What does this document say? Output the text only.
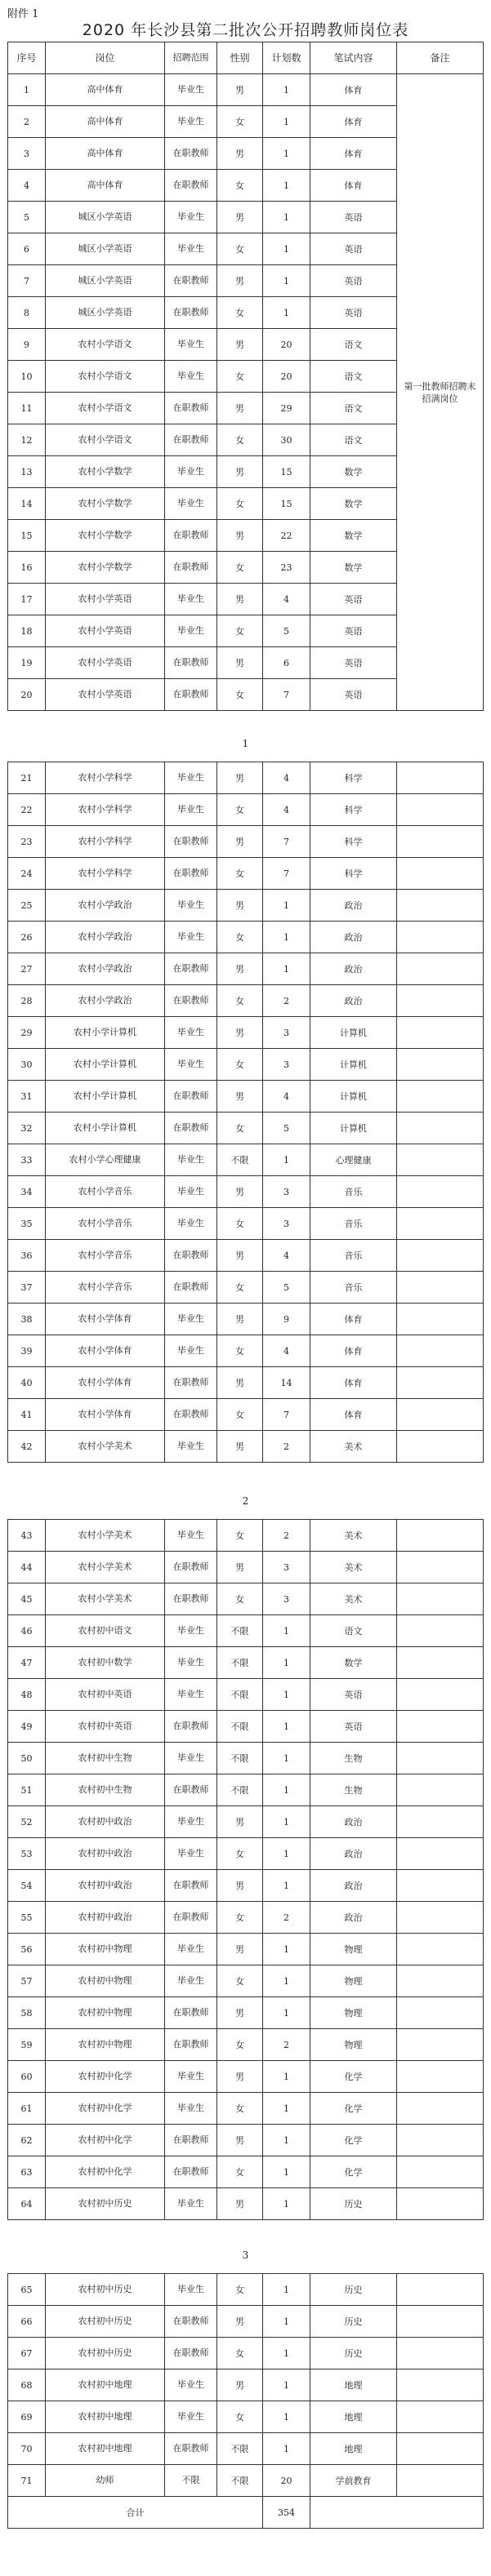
附件 1
2020 年长沙县第二批次公开招聘教师岗位表
序号	岗位	招聘范围	性别	计划数	笔试内容	备注
1	高中体育	毕业生	男	1	体育	第一批教师招聘未招满岗位
2	高中体育	毕业生	女	1	体育	
3	高中体育	在职教师	男	1	体育	
4	高中体育	在职教师	女	1	体育	
5	城区小学英语	毕业生	男	1	英语	
6	城区小学英语	毕业生	女	1	英语	
7	城区小学英语	在职教师	男	1	英语	
8	城区小学英语	在职教师	女	1	英语	
9	农村小学语文	毕业生	男	20	语文	
10	农村小学语文	毕业生	女	20	语文	
11	农村小学语文	在职教师	男	29	语文	
12	农村小学语文	在职教师	女	30	语文	
13	农村小学数学	毕业生	男	15	数学	
14	农村小学数学	毕业生	女	15	数学	
15	农村小学数学	在职教师	男	22	数学	
16	农村小学数学	在职教师	女	23	数学	
17	农村小学英语	毕业生	男	4	英语	
18	农村小学英语	毕业生	女	5	英语	
19	农村小学英语	在职教师	男	6	英语	
20	农村小学英语	在职教师	女	7	英语	
1
21	农村小学科学	毕业生	男	4	科学	
22	农村小学科学	毕业生	女	4	科学	
23	农村小学科学	在职教师	男	7	科学	
24	农村小学科学	在职教师	女	7	科学	
25	农村小学政治	毕业生	男	1	政治	
26	农村小学政治	毕业生	女	1	政治	
27	农村小学政治	在职教师	男	1	政治	
28	农村小学政治	在职教师	女	2	政治	
29	农村小学计算机	毕业生	男	3	计算机	
30	农村小学计算机	毕业生	女	3	计算机	
31	农村小学计算机	在职教师	男	4	计算机	
32	农村小学计算机	在职教师	女	5	计算机	
33	农村小学心理健康	毕业生	不限	1	心理健康	
34	农村小学音乐	毕业生	男	3	音乐	
35	农村小学音乐	毕业生	女	3	音乐	
36	农村小学音乐	在职教师	男	4	音乐	
37	农村小学音乐	在职教师	女	5	音乐	
38	农村小学体育	毕业生	男	9	体育	
39	农村小学体育	毕业生	女	4	体育	
40	农村小学体育	在职教师	男	14	体育	
41	农村小学体育	在职教师	女	7	体育	
42	农村小学美术	毕业生	男	2	美术	
2
43	农村小学美术	毕业生	女	2	美术	
44	农村小学美术	在职教师	男	3	美术	
45	农村小学美术	在职教师	女	3	美术	
46	农村初中语文	毕业生	不限	1	语文	
47	农村初中数学	毕业生	不限	1	数学	
48	农村初中英语	毕业生	不限	1	英语	
49	农村初中英语	在职教师	不限	1	英语	
50	农村初中生物	毕业生	不限	1	生物	
51	农村初中生物	在职教师	不限	1	生物	
52	农村初中政治	毕业生	男	1	政治	
53	农村初中政治	毕业生	女	1	政治	
54	农村初中政治	在职教师	男	1	政治	
55	农村初中政治	在职教师	女	2	政治	
56	农村初中物理	毕业生	男	1	物理	
57	农村初中物理	毕业生	女	1	物理	
58	农村初中物理	在职教师	男	1	物理	
59	农村初中物理	在职教师	女	2	物理	
60	农村初中化学	毕业生	男	1	化学	
61	农村初中化学	毕业生	女	1	化学	
62	农村初中化学	在职教师	男	1	化学	
63	农村初中化学	在职教师	女	1	化学	
64	农村初中历史	毕业生	男	1	历史	
3
65	农村初中历史	毕业生	女	1	历史	
66	农村初中历史	在职教师	男	1	历史	
67	农村初中历史	在职教师	女	1	历史	
68	农村初中地理	毕业生	男	1	地理	
69	农村初中地理	毕业生	女	1	地理	
70	农村初中地理	在职教师	不限	1	地理	
71	幼师	不限	不限	20	学前教育	
合计				354		
